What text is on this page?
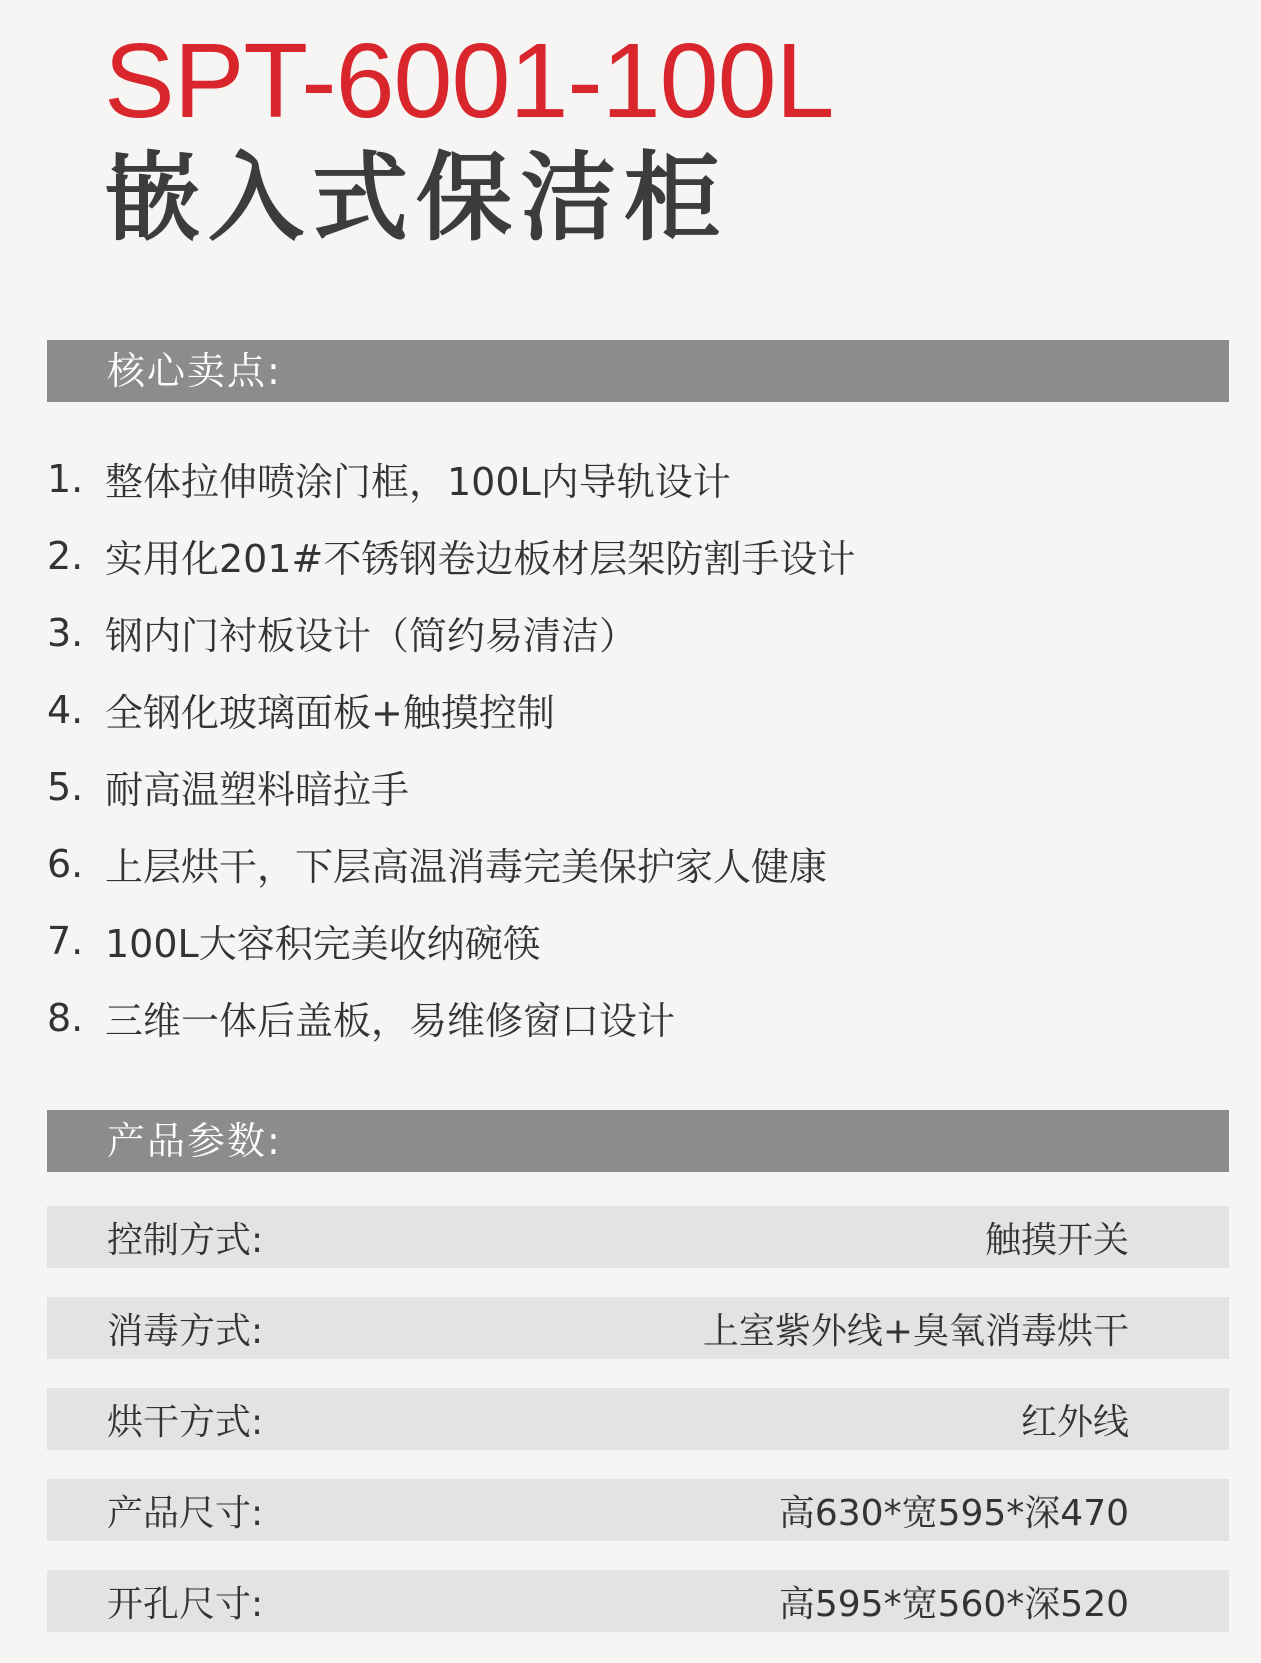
SPT-6001-100L
嵌入式保洁柜
核心卖点:
1. 整体拉伸喷涂门框，100L内导轨设计
2. 实用化201#不锈钢卷边板材层架防割手设计
3. 钢内门衬板设计（简约易清洁）
4. 全钢化玻璃面板+触摸控制
5. 耐高温塑料暗拉手
6. 上层烘干，下层高温消毒完美保护家人健康
7. 100L大容积完美收纳碗筷
8. 三维一体后盖板，易维修窗口设计
产品参数:
控制方式:	触摸开关
消毒方式:	上室紫外线+臭氧消毒烘干
烘干方式:	红外线
产品尺寸:	高630*宽595*深470
开孔尺寸:	高595*宽560*深520
